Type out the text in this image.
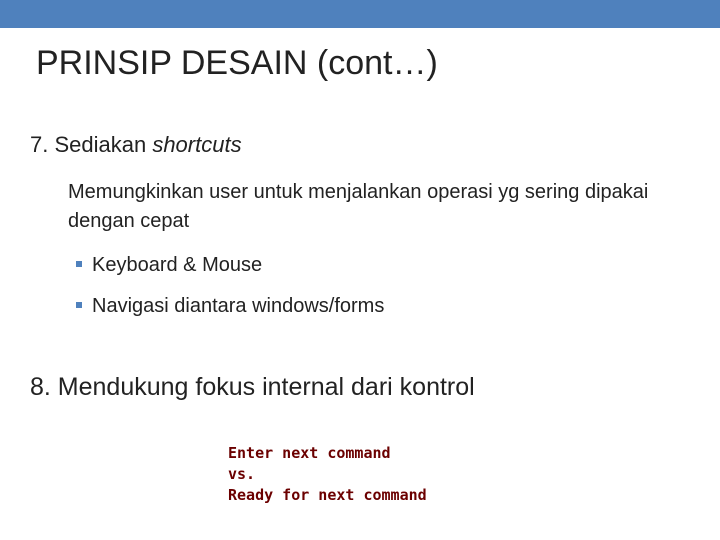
PRINSIP DESAIN (cont…)
7. Sediakan shortcuts
Memungkinkan user untuk menjalankan operasi yg sering dipakai dengan cepat
Keyboard & Mouse
Navigasi diantara windows/forms
8. Mendukung fokus internal dari kontrol
Enter next command
vs.
Ready for next command
